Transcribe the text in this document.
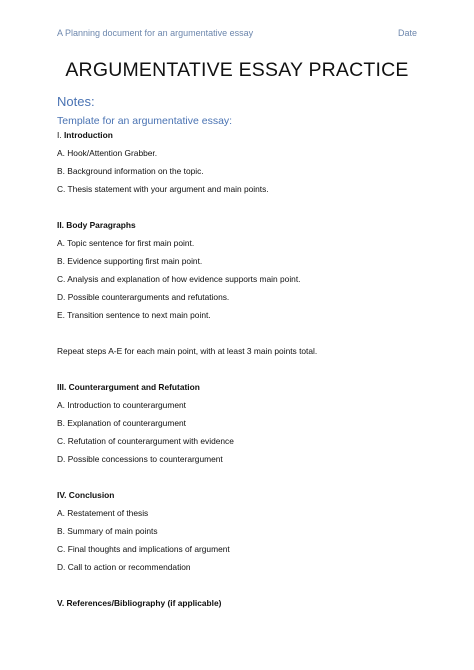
A Planning document for an argumentative essay	Date
ARGUMENTATIVE ESSAY PRACTICE

Notes:

Template for an argumentative essay:

I. Introduction

A. Hook/Attention Grabber.

B. Background information on the topic.

C. Thesis statement with your argument and main points.

II. Body Paragraphs

A. Topic sentence for first main point.

B. Evidence supporting first main point.

C. Analysis and explanation of how evidence supports main point.

D. Possible counterarguments and refutations.

E. Transition sentence to next main point.

Repeat steps A-E for each main point, with at least 3 main points total.

III. Counterargument and Refutation

A. Introduction to counterargument

B. Explanation of counterargument

C. Refutation of counterargument with evidence

D. Possible concessions to counterargument

IV. Conclusion

A. Restatement of thesis

B. Summary of main points

C. Final thoughts and implications of argument

D. Call to action or recommendation

V. References/Bibliography (if applicable)
